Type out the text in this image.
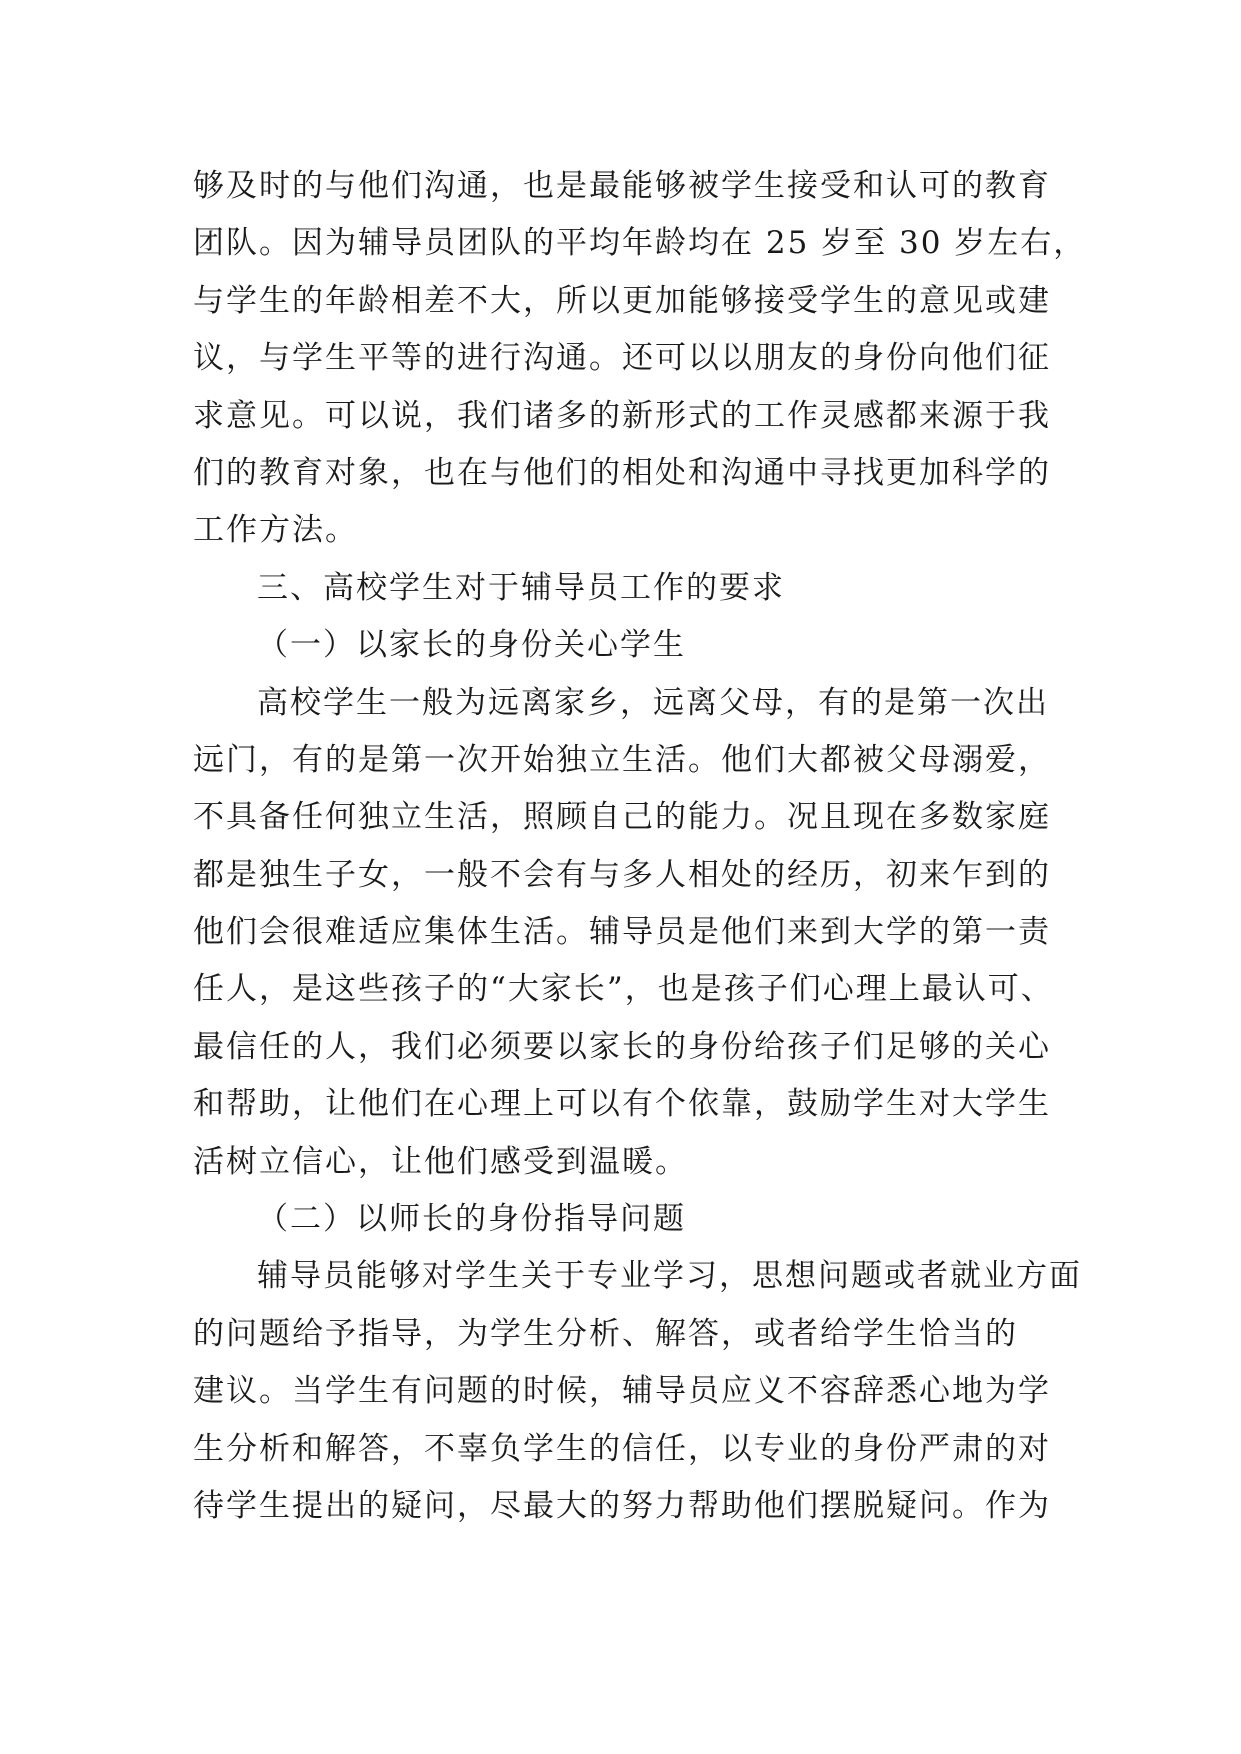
够及时的与他们沟通，也是最能够被学生接受和认可的教育
团队。因为辅导员团队的平均年龄均在 25 岁至 30 岁左右，
与学生的年龄相差不大，所以更加能够接受学生的意见或建
议，与学生平等的进行沟通。还可以以朋友的身份向他们征
求意见。可以说，我们诸多的新形式的工作灵感都来源于我
们的教育对象，也在与他们的相处和沟通中寻找更加科学的
工作方法。
三、高校学生对于辅导员工作的要求
（一）以家长的身份关心学生
高校学生一般为远离家乡，远离父母，有的是第一次出
远门，有的是第一次开始独立生活。他们大都被父母溺爱，
不具备任何独立生活，照顾自己的能力。况且现在多数家庭
都是独生子女，一般不会有与多人相处的经历，初来乍到的
他们会很难适应集体生活。辅导员是他们来到大学的第一责
任人，是这些孩子的“大家长”，也是孩子们心理上最认可、
最信任的人，我们必须要以家长的身份给孩子们足够的关心
和帮助，让他们在心理上可以有个依靠，鼓励学生对大学生
活树立信心，让他们感受到温暖。
（二）以师长的身份指导问题
辅导员能够对学生关于专业学习，思想问题或者就业方面
的问题给予指导，为学生分析、解答，或者给学生恰当的
建议。当学生有问题的时候，辅导员应义不容辞悉心地为学
生分析和解答，不辜负学生的信任，以专业的身份严肃的对
待学生提出的疑问，尽最大的努力帮助他们摆脱疑问。作为
